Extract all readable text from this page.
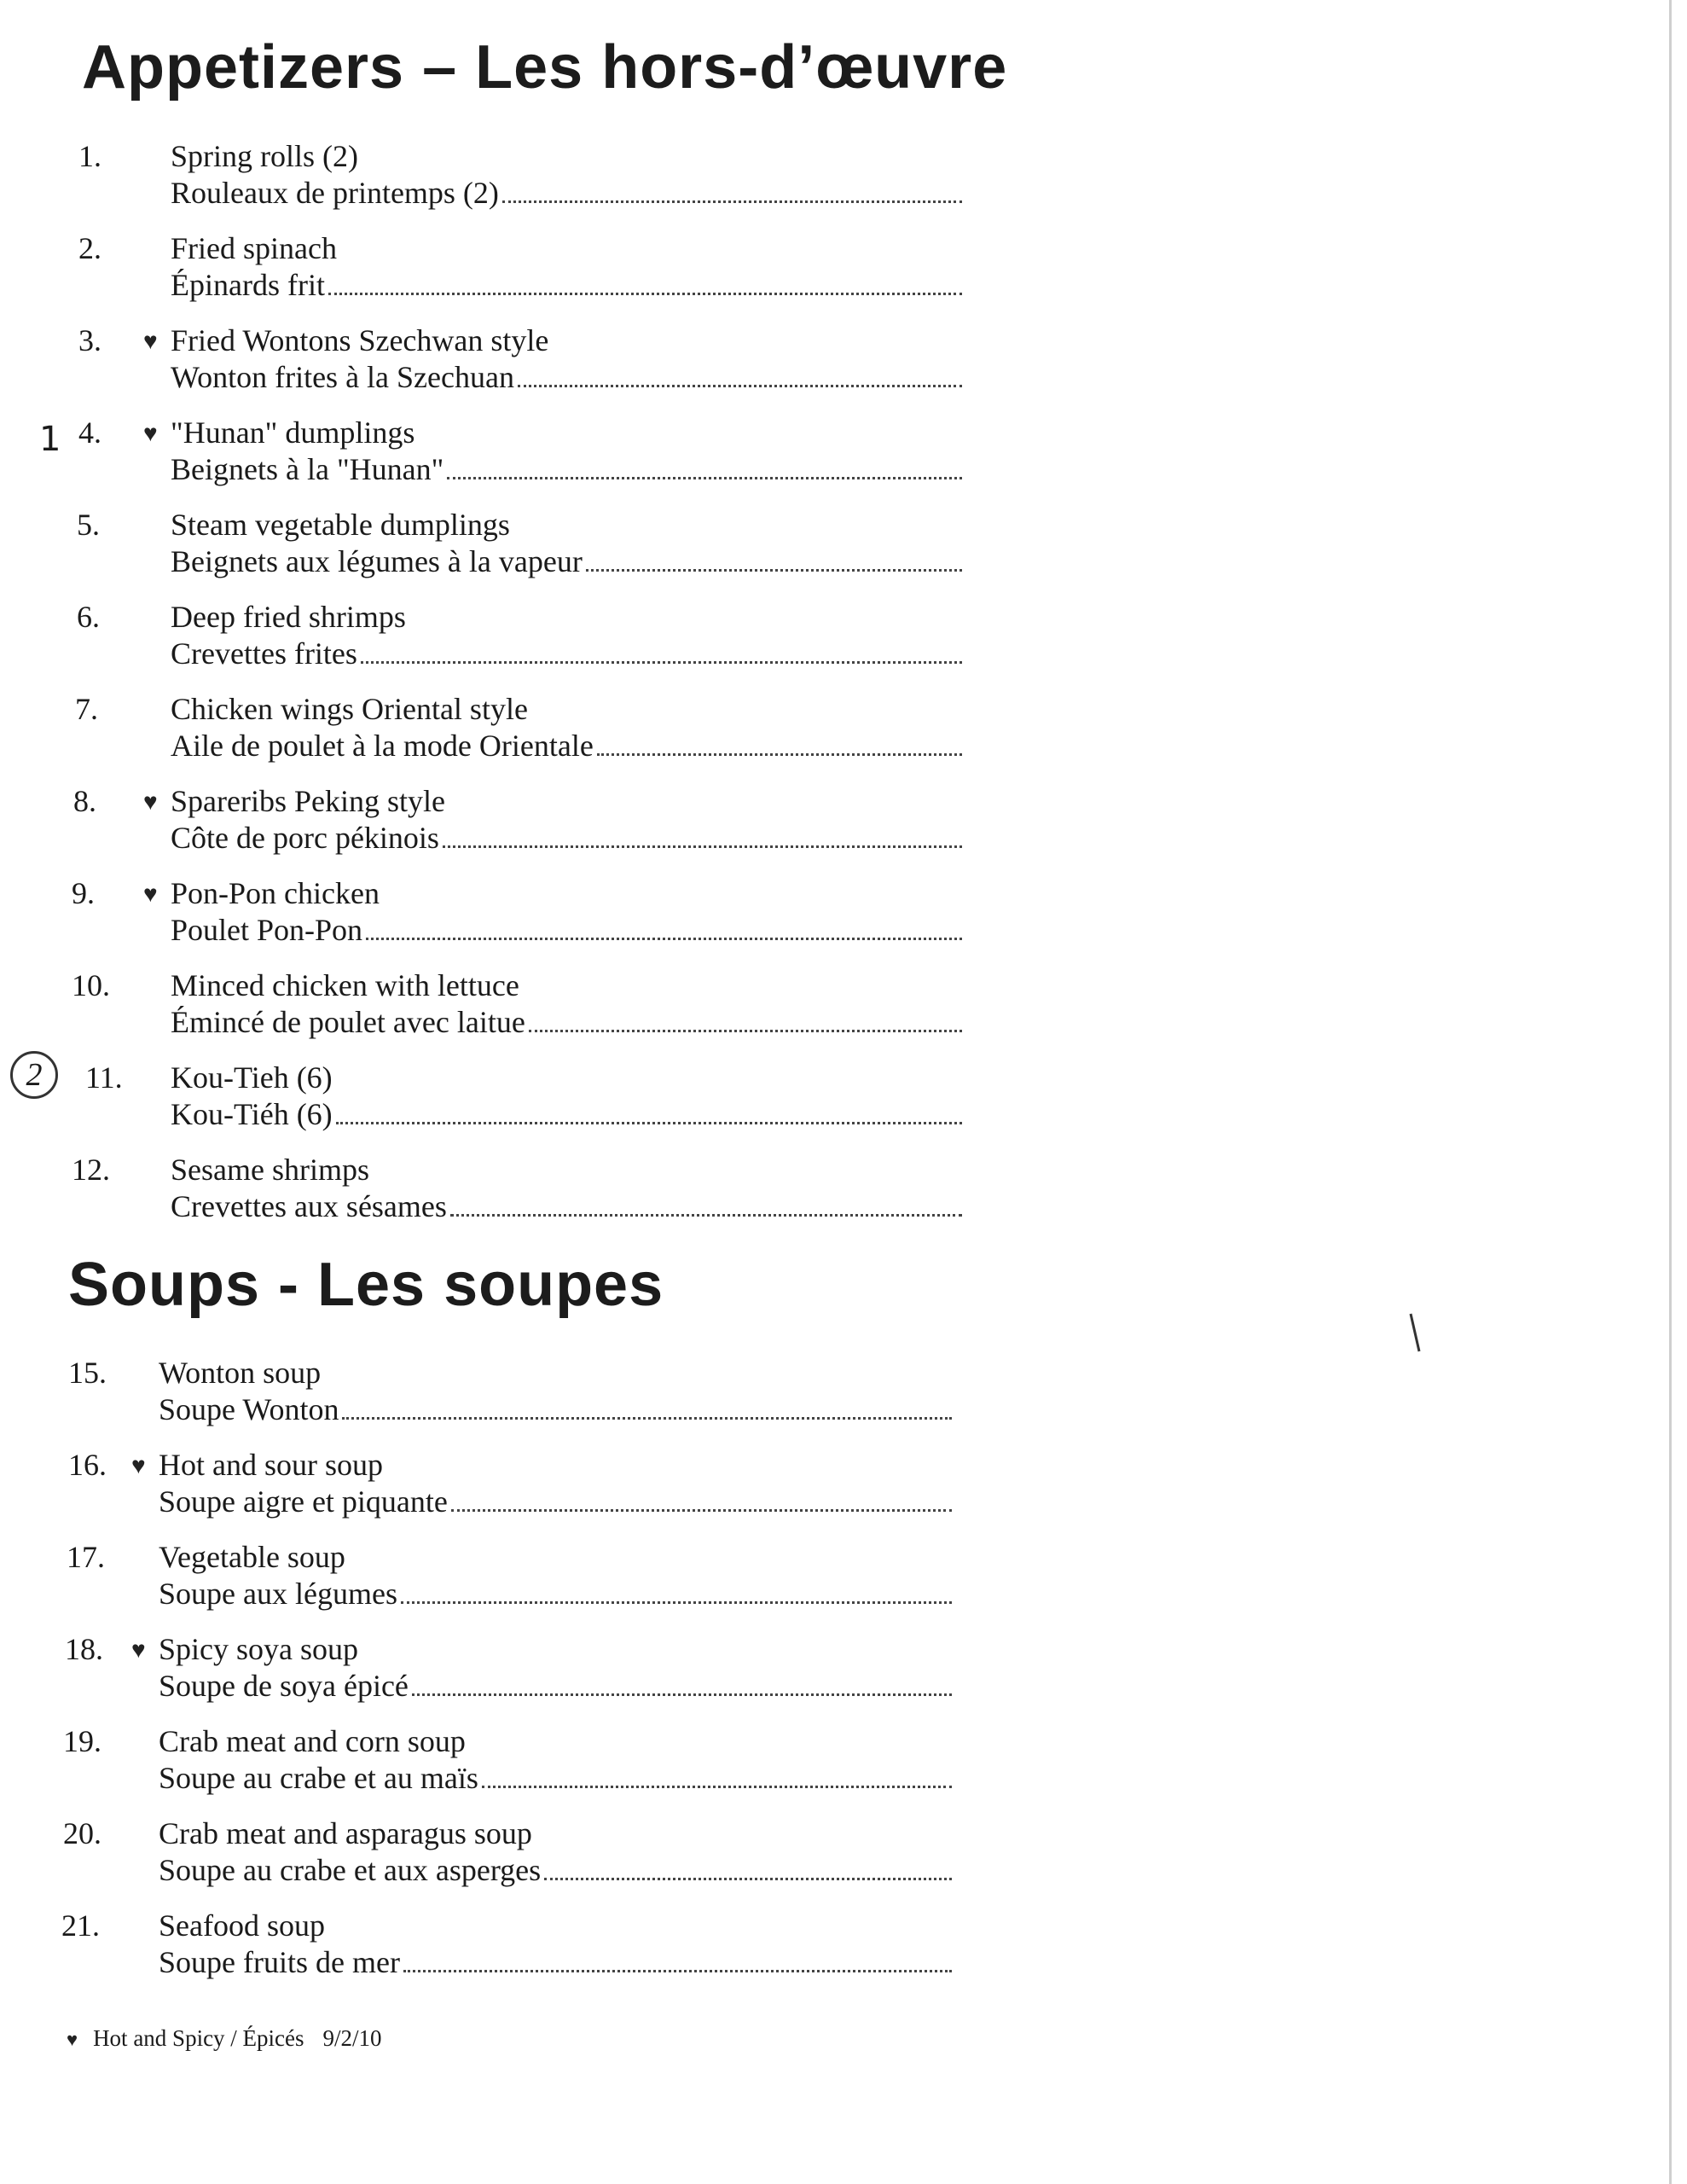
Appetizers – Les hors-d’œuvre
1. Spring rolls (2)
Rouleaux de printemps (2)
2. Fried spinach
Épinards frit
3. ♥ Fried Wontons Szechwan style
Wonton frites à la Szechuan
4. ♥ "Hunan" dumplings
Beignets à la "Hunan"
5. Steam vegetable dumplings
Beignets aux légumes à la vapeur
6. Deep fried shrimps
Crevettes frites
7. Chicken wings Oriental style
Aile de poulet à la mode Orientale
8. ♥ Spareribs Peking style
Côte de porc pékinois
9. ♥ Pon-Pon chicken
Poulet Pon-Pon
10. Minced chicken with lettuce
Émincé de poulet avec laitue
11. Kou-Tieh (6)
Kou-Tiéh (6)
12. Sesame shrimps
Crevettes aux sésames
Soups - Les soupes
15. Wonton soup
Soupe Wonton
16. ♥ Hot and sour soup
Soupe aigre et piquante
17. Vegetable soup
Soupe aux légumes
18. ♥ Spicy soya soup
Soupe de soya épicé
19. Crab meat and corn soup
Soupe au crabe et au maïs
20. Crab meat and asparagus soup
Soupe au crabe et aux asperges
21. Seafood soup
Soupe fruits de mer
♥ Hot and Spicy / Épicés 9/2/10
1
2
